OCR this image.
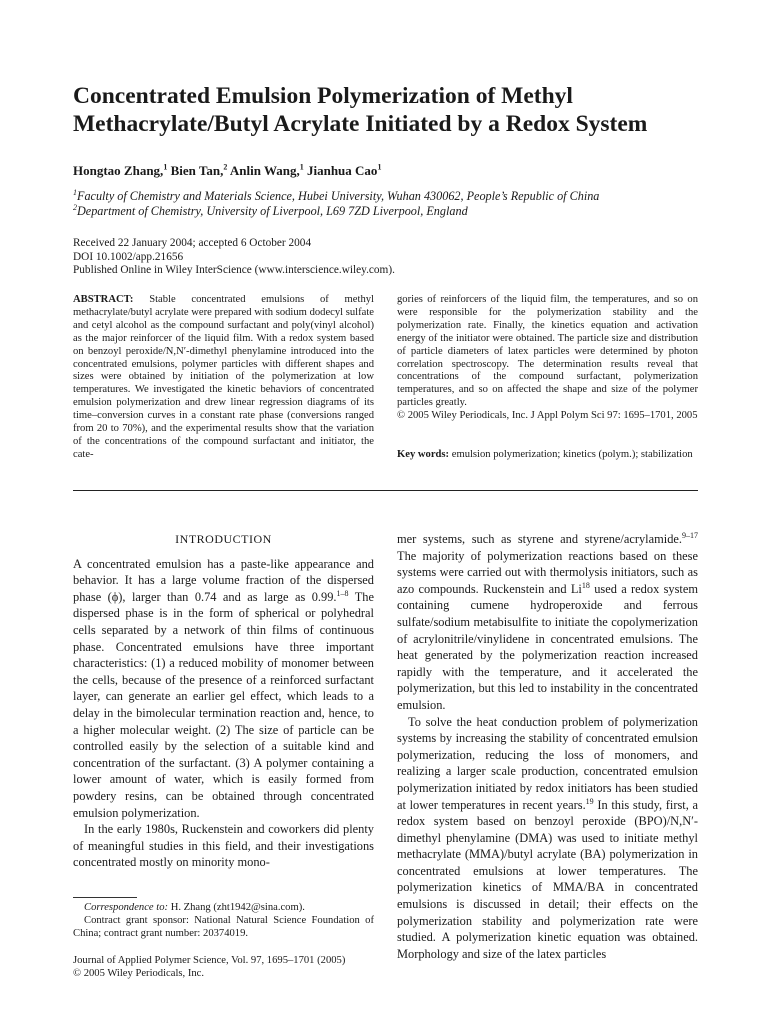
Concentrated Emulsion Polymerization of Methyl Methacrylate/Butyl Acrylate Initiated by a Redox System
Hongtao Zhang,$^1$ Bien Tan,$^2$ Anlin Wang,$^1$ Jianhua Cao$^1$
$^1$Faculty of Chemistry and Materials Science, Hubei University, Wuhan 430062, People’s Republic of China
$^2$Department of Chemistry, University of Liverpool, L69 7ZD Liverpool, England
Received 22 January 2004; accepted 6 October 2004
DOI 10.1002/app.21656
Published Online in Wiley InterScience (www.interscience.wiley.com).
ABSTRACT: Stable concentrated emulsions of methyl methacrylate/butyl acrylate were prepared with sodium dodecyl sulfate and cetyl alcohol as the compound surfactant and poly(vinyl alcohol) as the major reinforcer of the liquid film. With a redox system based on benzoyl peroxide/N,N′-dimethyl phenylamine introduced into the concentrated emulsions, polymer particles with different shapes and sizes were obtained by initiation of the polymerization at low temperatures. We investigated the kinetic behaviors of concentrated emulsion polymerization and drew linear regression diagrams of its time–conversion curves in a constant rate phase (conversions ranged from 20 to 70%), and the experimental results show that the variation of the concentrations of the compound surfactant and initiator, the cate-
gories of reinforcers of the liquid film, the temperatures, and so on were responsible for the polymerization stability and the polymerization rate. Finally, the kinetics equation and activation energy of the initiator were obtained. The particle size and distribution of particle diameters of latex particles were determined by photon correlation spectroscopy. The determination results reveal that concentrations of the compound surfactant, polymerization temperatures, and so on affected the shape and size of the polymer particles greatly.
© 2005 Wiley Periodicals, Inc. J Appl Polym Sci 97: 1695–1701, 2005
Key words: emulsion polymerization; kinetics (polym.); stabilization
INTRODUCTION

A concentrated emulsion has a paste-like appearance and behavior. It has a large volume fraction of the dispersed phase (ϕ), larger than 0.74 and as large as 0.99.$^{1-8}$ The dispersed phase is in the form of spherical or polyhedral cells separated by a network of thin films of continuous phase. Concentrated emulsions have three important characteristics: (1) a reduced mobility of monomer between the cells, because of the presence of a reinforced surfactant layer, can generate an earlier gel effect, which leads to a delay in the bimolecular termination reaction and, hence, to a higher molecular weight. (2) The size of particle can be controlled easily by the selection of a suitable kind and concentration of the surfactant. (3) A polymer containing a lower amount of water, which is easily formed from powdery resins, can be obtained through concentrated emulsion polymerization.

In the early 1980s, Ruckenstein and coworkers did plenty of meaningful studies in this field, and their investigations concentrated mostly on minority mono-

mer systems, such as styrene and styrene/acrylamide.$^{9-17}$ The majority of polymerization reactions based on these systems were carried out with thermolysis initiators, such as azo compounds. Ruckenstein and Li$^{18}$ used a redox system containing cumene hydroperoxide and ferrous sulfate/sodium metabisulfite to initiate the copolymerization of acrylonitrile/vinylidene in concentrated emulsions. The heat generated by the polymerization reaction increased rapidly with the temperature, and it accelerated the polymerization, but this led to instability in the concentrated emulsion.

To solve the heat conduction problem of polymerization systems by increasing the stability of concentrated emulsion polymerization, reducing the loss of monomers, and realizing a larger scale production, concentrated emulsion polymerization initiated by redox initiators has been studied at lower temperatures in recent years.$^{19}$ In this study, first, a redox system based on benzoyl peroxide (BPO)/N,N′-dimethyl phenylamine (DMA) was used to initiate methyl methacrylate (MMA)/butyl acrylate (BA) polymerization in concentrated emulsions at lower temperatures. The polymerization kinetics of MMA/BA in concentrated emulsions is discussed in detail; their effects on the polymerization stability and polymerization rate were studied. A polymerization kinetic equation was obtained. Morphology and size of the latex particles

Correspondence to: H. Zhang (zht1942@sina.com).

Contract grant sponsor: National Natural Science Foundation of China; contract grant number: 20374019.

Journal of Applied Polymer Science, Vol. 97, 1695–1701 (2005)
© 2005 Wiley Periodicals, Inc.
